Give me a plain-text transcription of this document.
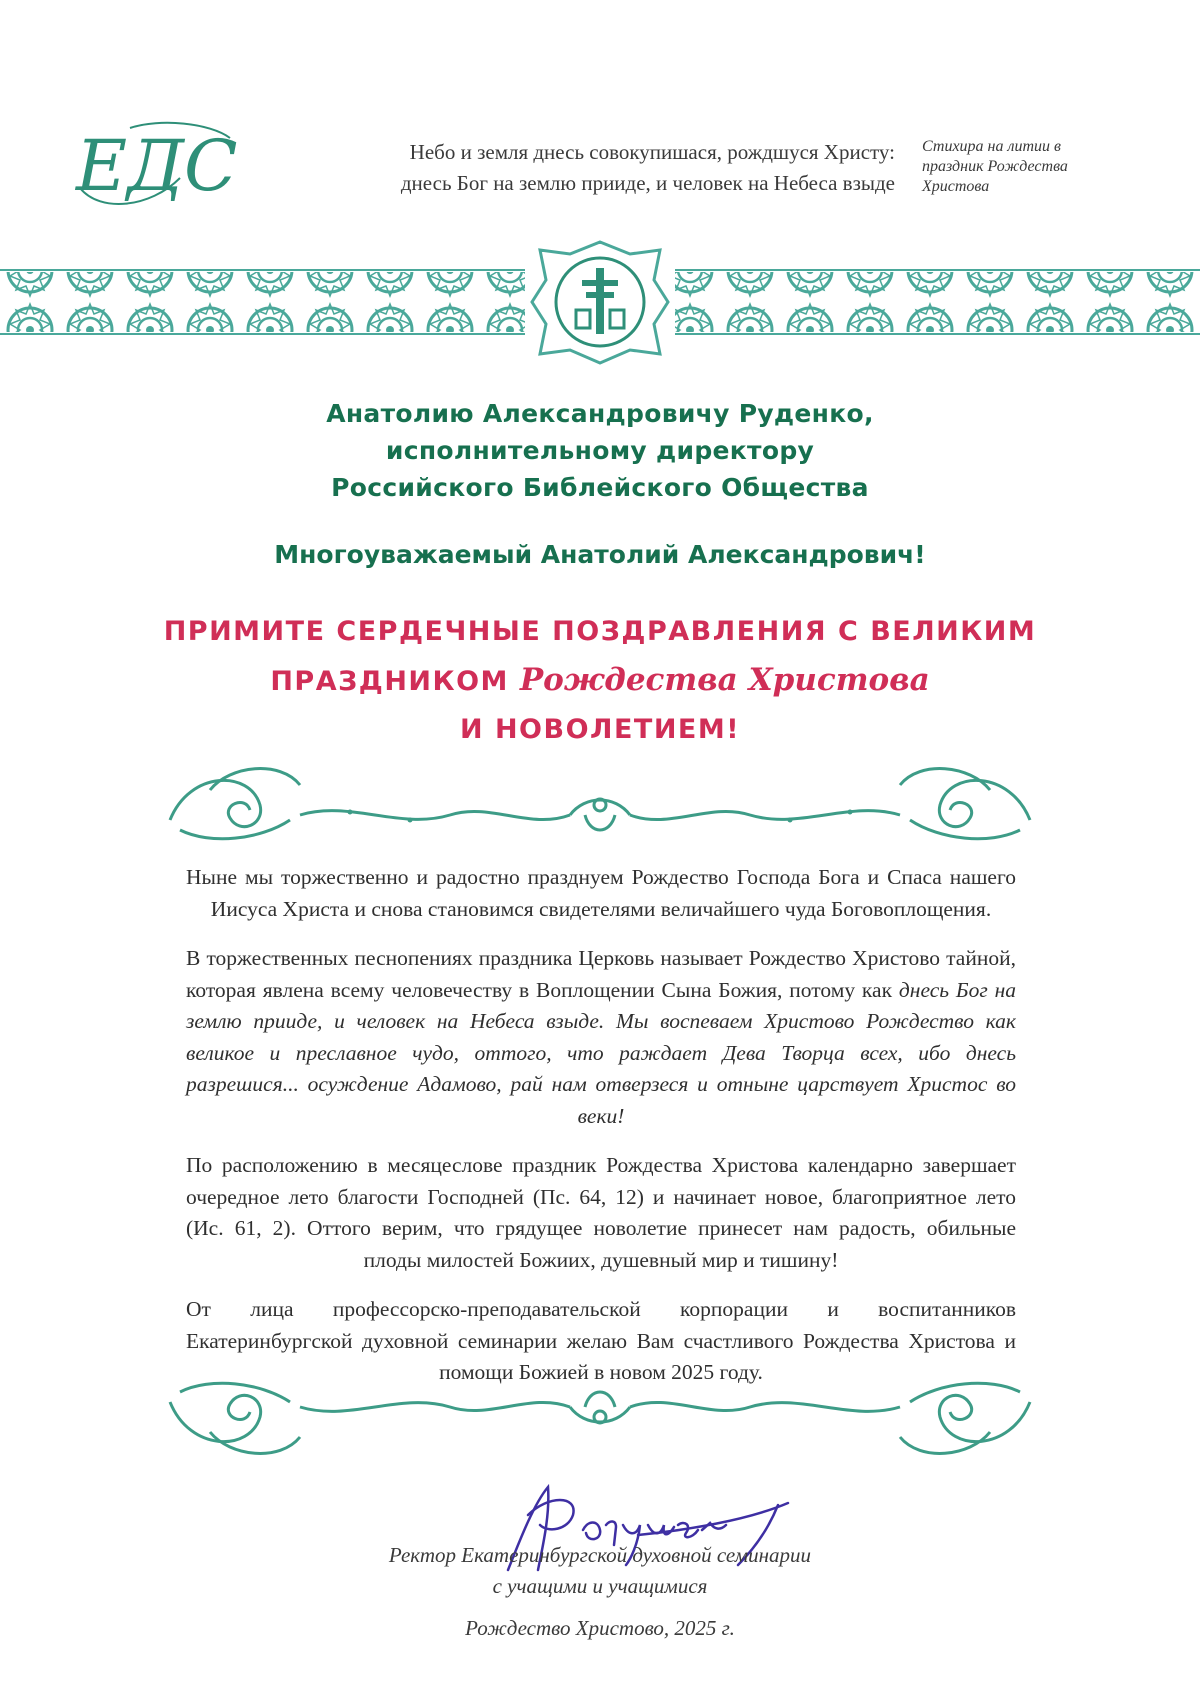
ЕДС	Небо и земля днесь совокупишася, рождшуся Христу:
днесь Бог на землю прииде, и человек на Небеса взыде
Стихира на литии в
праздник Рождества
Христова
Анатолию Александровичу Руденко,
исполнительному директору
Российского Библейского Общества
Многоуважаемый Анатолий Александрович!
ПРИМИТЕ СЕРДЕЧНЫЕ ПОЗДРАВЛЕНИЯ С ВЕЛИКИМ
ПРАЗДНИКОМ Рождества Христова
И НОВОЛЕТИЕМ!

Ныне мы торжественно и радостно празднуем Рождество Господа Бога и Спаса нашего Иисуса Христа и снова становимся свидетелями величайшего чуда Боговоплощения.

В торжественных песнопениях праздника Церковь называет Рождество Христово тайной, которая явлена всему человечеству в Воплощении Сына Божия, потому как днесь Бог на землю прииде, и человек на Небеса взыде. Мы воспеваем Христово Рождество как великое и преславное чудо, оттого, что раждает Дева Творца всех, ибо днесь разрешися... осуждение Адамово, рай нам отверзеся и отныне царствует Христос во веки!

По расположению в месяцеслове праздник Рождества Христова календарно завершает очередное лето благости Господней (Пс. 64, 12) и начинает новое, благоприятное лето (Ис. 61, 2). Оттого верим, что грядущее новолетие принесет нам радость, обильные плоды милостей Божиих, душевный мир и тишину!

От лица профессорско-преподавательской корпорации и воспитанников Екатеринбургской духовной семинарии желаю Вам счастливого Рождества Христова и помощи Божией в новом 2025 году.

Ректор Екатеринбургской духовной семинарии
с учащими и учащимися
Рождество Христово, 2025 г.
